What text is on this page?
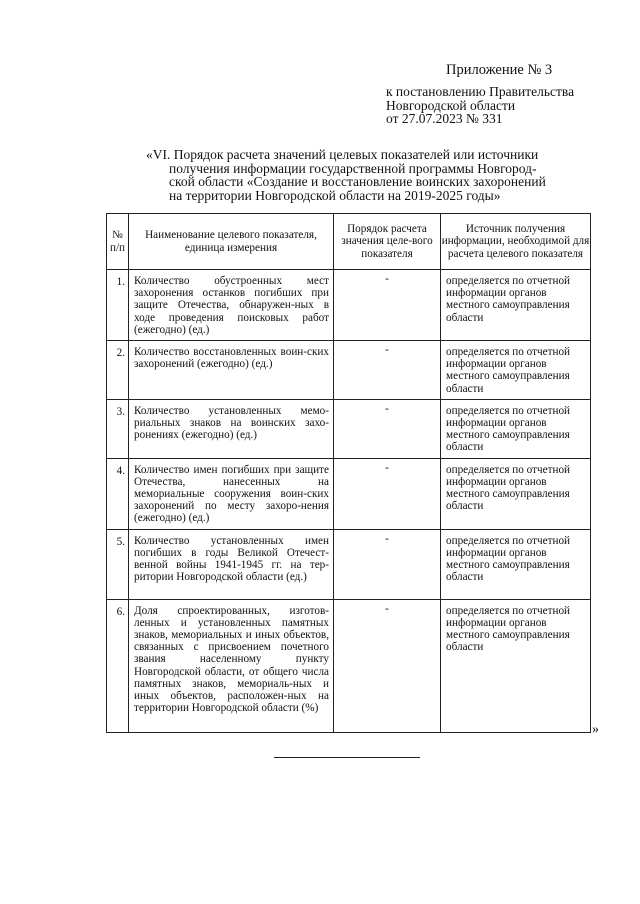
Приложение № 3
к постановлению Правительства
Новгородской области
от 27.07.2023 № 331
«VI. Порядок расчета значений целевых показателей или источники
получения информации государственной программы Новгород-
ской области «Создание и восстановление воинских захоронений
на территории Новгородской области на 2019-2025 годы»
№ п/п	Наименование целевого показателя, единица измерения	Порядок расчета значения целе-вого показателя	Источник получения информации, необходимой для расчета целевого показателя
1.	Количество обустроенных мест захоронения останков погибших при защите Отечества, обнаружен-ных в ходе проведения поисковых работ (ежегодно) (ед.)	-	определяется по отчетной информации органов местного самоуправления области
2.	Количество восстановленных воин-ских захоронений (ежегодно) (ед.)	-	определяется по отчетной информации органов местного самоуправления области
3.	Количество установленных мемо-риальных знаков на воинских захо-ронениях (ежегодно) (ед.)	-	определяется по отчетной информации органов местного самоуправления области
4.	Количество имен погибших при защите Отечества, нанесенных на мемориальные сооружения воин-ских захоронений по месту захоро-нения (ежегодно) (ед.)	-	определяется по отчетной информации органов местного самоуправления области
5.	Количество установленных имен погибших в годы Великой Отечест-венной войны 1941-1945 гг. на тер-ритории Новгородской области (ед.)	-	определяется по отчетной информации органов местного самоуправления области
6.	Доля спроектированных, изготов-ленных и установленных памятных знаков, мемориальных и иных объектов, связанных с присвоением почетного звания населенному пункту Новгородской области, от общего числа памятных знаков, мемориаль-ных и иных объектов, расположен-ных на территории Новгородской области (%)	-	определяется по отчетной информации органов местного самоуправления области
»
